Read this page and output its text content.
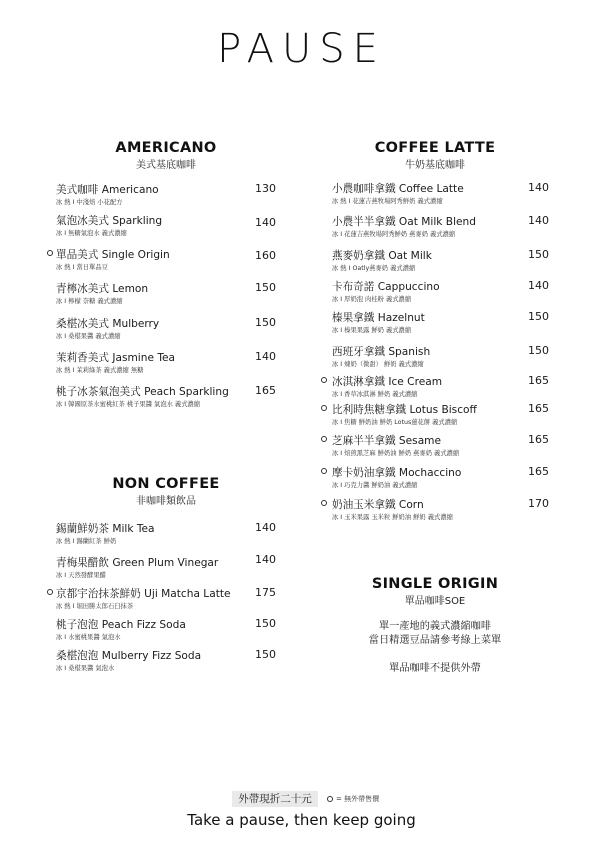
PAUSE
AMERICANO
美式基底咖啡
COFFEE LATTE
牛奶基底咖啡
NON COFFEE
非咖啡類飲品
SINGLE ORIGIN
單品咖啡SOE
美式咖啡 Americano	130
冰 熱 I 中淺焙 小花配方
氣泡冰美式 Sparkling	140
冰 I 無糖氣泡水 義式濃縮
單品美式 Single Origin	160
冰 熱 I 當日單品豆
青檸冰美式 Lemon	150
冰 I 檸檬 奈糖 義式濃縮
桑椹冰美式 Mulberry	150
冰 I 桑椹果醬 義式濃縮
茉莉香美式 Jasmine Tea	140
冰 熱 I 茉莉綠茶 義式濃縮 無糖
桃子冰茶氣泡美式 Peach Sparkling 165
冰 I 韓國原茶水蜜桃紅茶 桃子果醬 氣泡水 義式濃縮
錫蘭鮮奶茶 Milk Tea	140
冰 熱 I 錫蘭紅茶 鮮奶
青梅果醋飲 Green Plum Vinegar	140
冰 I 天然發酵果醋
京都宇治抹茶鮮奶 Uji Matcha Latte 175
冰 熱 I 堀田勝太郎石臼抹茶
桃子泡泡 Peach Fizz Soda	150
冰 I 水蜜桃果醬 氣泡水
桑椹泡泡 Mulberry Fizz Soda	150
冰 I 桑椹果醬 氣泡水
小農咖啡拿鐵 Coffee Latte	140
冰 熱 I 花蓮吉燕牧場阿秀鮮奶 義式濃縮
小農半半拿鐵 Oat Milk Blend	140
冰 I 花蓮吉燕牧場阿秀鮮奶 燕麥奶 義式濃縮
燕麥奶拿鐵 Oat Milk	150
冰 熱 I Oatly燕麥奶 義式濃縮
卡布奇諾 Cappuccino	140
冰 I 厚奶泡 肉桂粉 義式濃縮
榛果拿鐵 Hazelnut	150
冰 I 榛果果露 鮮奶 義式濃縮
西班牙拿鐵 Spanish	150
冰 I 煉奶（微甜） 鮮奶 義式濃縮
冰淇淋拿鐵 Ice Cream	165
冰 I 香草冰淇淋 鮮奶 義式濃縮
比利時焦糖拿鐵 Lotus Biscoff	165
冰 I 焦糖 鮮奶油 鮮奶 Lotus蓮花餅 義式濃縮
芝麻半半拿鐵 Sesame	165
冰 I 焙煎黑芝麻 鮮奶油 鮮奶 燕麥奶 義式濃縮
摩卡奶油拿鐵 Mochaccino	165
冰 I 巧克力醬 鮮奶油 義式濃縮
奶油玉米拿鐵 Corn	170
冰 I 玉米果露 玉米粒 鮮奶油 鮮奶 義式濃縮
單一產地的義式濃縮咖啡
當日精選豆品請參考綠上菜單
單品咖啡不提供外帶
外帶現折二十元	= 無外帶售價
Take a pause, then keep going
